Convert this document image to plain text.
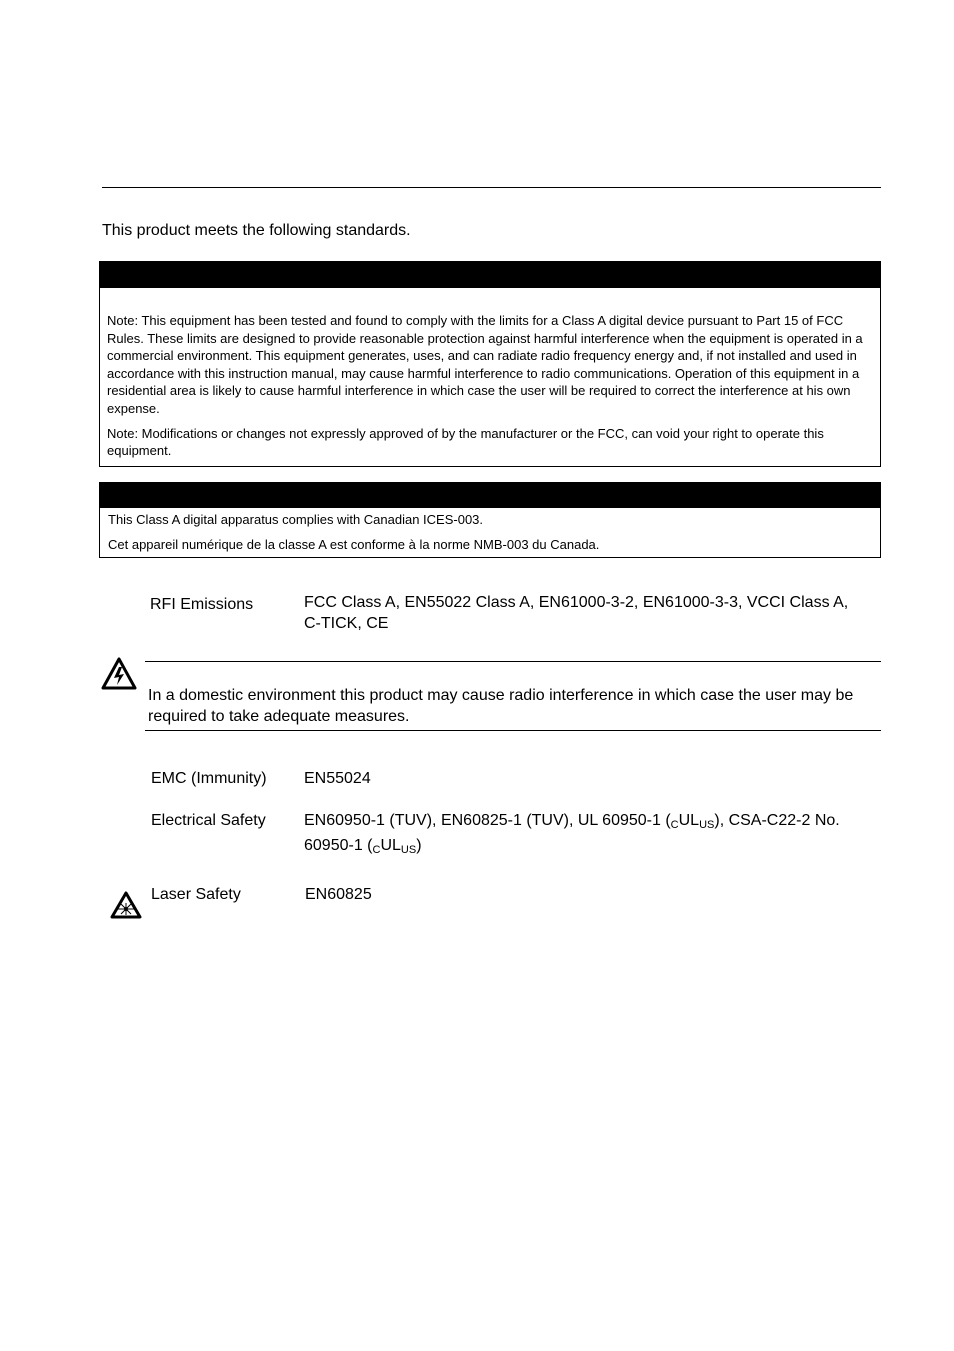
This product meets the following standards.

Note: This equipment has been tested and found to comply with the limits for a Class A digital device pursuant to Part 15 of FCC Rules. These limits are designed to provide reasonable protection against harmful interference when the equipment is operated in a commercial environment. This equipment generates, uses, and can radiate radio frequency energy and, if not installed and used in accordance with this instruction manual, may cause harmful interference to radio communications. Operation of this equipment in a residential area is likely to cause harmful interference in which case the user will be required to correct the interference at his own expense.

Note: Modifications or changes not expressly approved of by the manufacturer or the FCC, can void your right to operate this equipment.

This Class A digital apparatus complies with Canadian ICES-003.

Cet appareil numérique de la classe A est conforme à la norme NMB-003 du Canada.

RFI Emissions	FCC Class A, EN55022 Class A, EN61000-3-2, EN61000-3-3, VCCI Class A, C-TICK, CE
In a domestic environment this product may cause radio interference in which case the user may be required to take adequate measures.
EMC (Immunity) EN55024
Electrical Safety EN60950-1 (TUV), EN60825-1 (TUV), UL 60950-1 $(_CUL_{US})$, CSA-C22-2 No. 60950-1 $(_CUL_{US})$
Laser Safety	EN60825
